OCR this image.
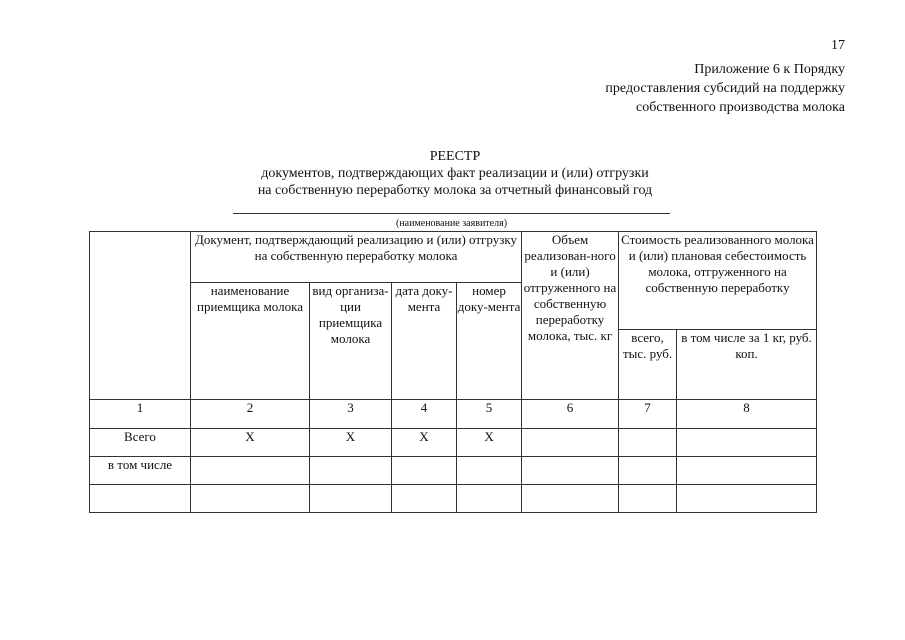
17
Приложение 6 к Порядку
предоставления субсидий на поддержку
собственного производства молока
РЕЕСТР
документов, подтверждающих факт реализации и (или) отгрузки
на собственную переработку молока за отчетный финансовый год
(наименование заявителя)
	Документ, подтверждающий реализацию и (или) отгрузку на собственную переработку молока				Объем реализован-ного и (или) отгруженного на собственную переработку молока, тыс. кг	Стоимость реализованного молока и (или) плановая себестоимость молока, отгруженного на собственную переработку	
	наименование приемщика молока	вид организа-ции приемщика молока	дата доку-мента	номер доку-мента			
						всего, тыс. руб.	в том числе за 1 кг, руб. коп.
1	2	3	4	5	6	7	8
Всего	Х	Х	Х	Х			
в том числе							
